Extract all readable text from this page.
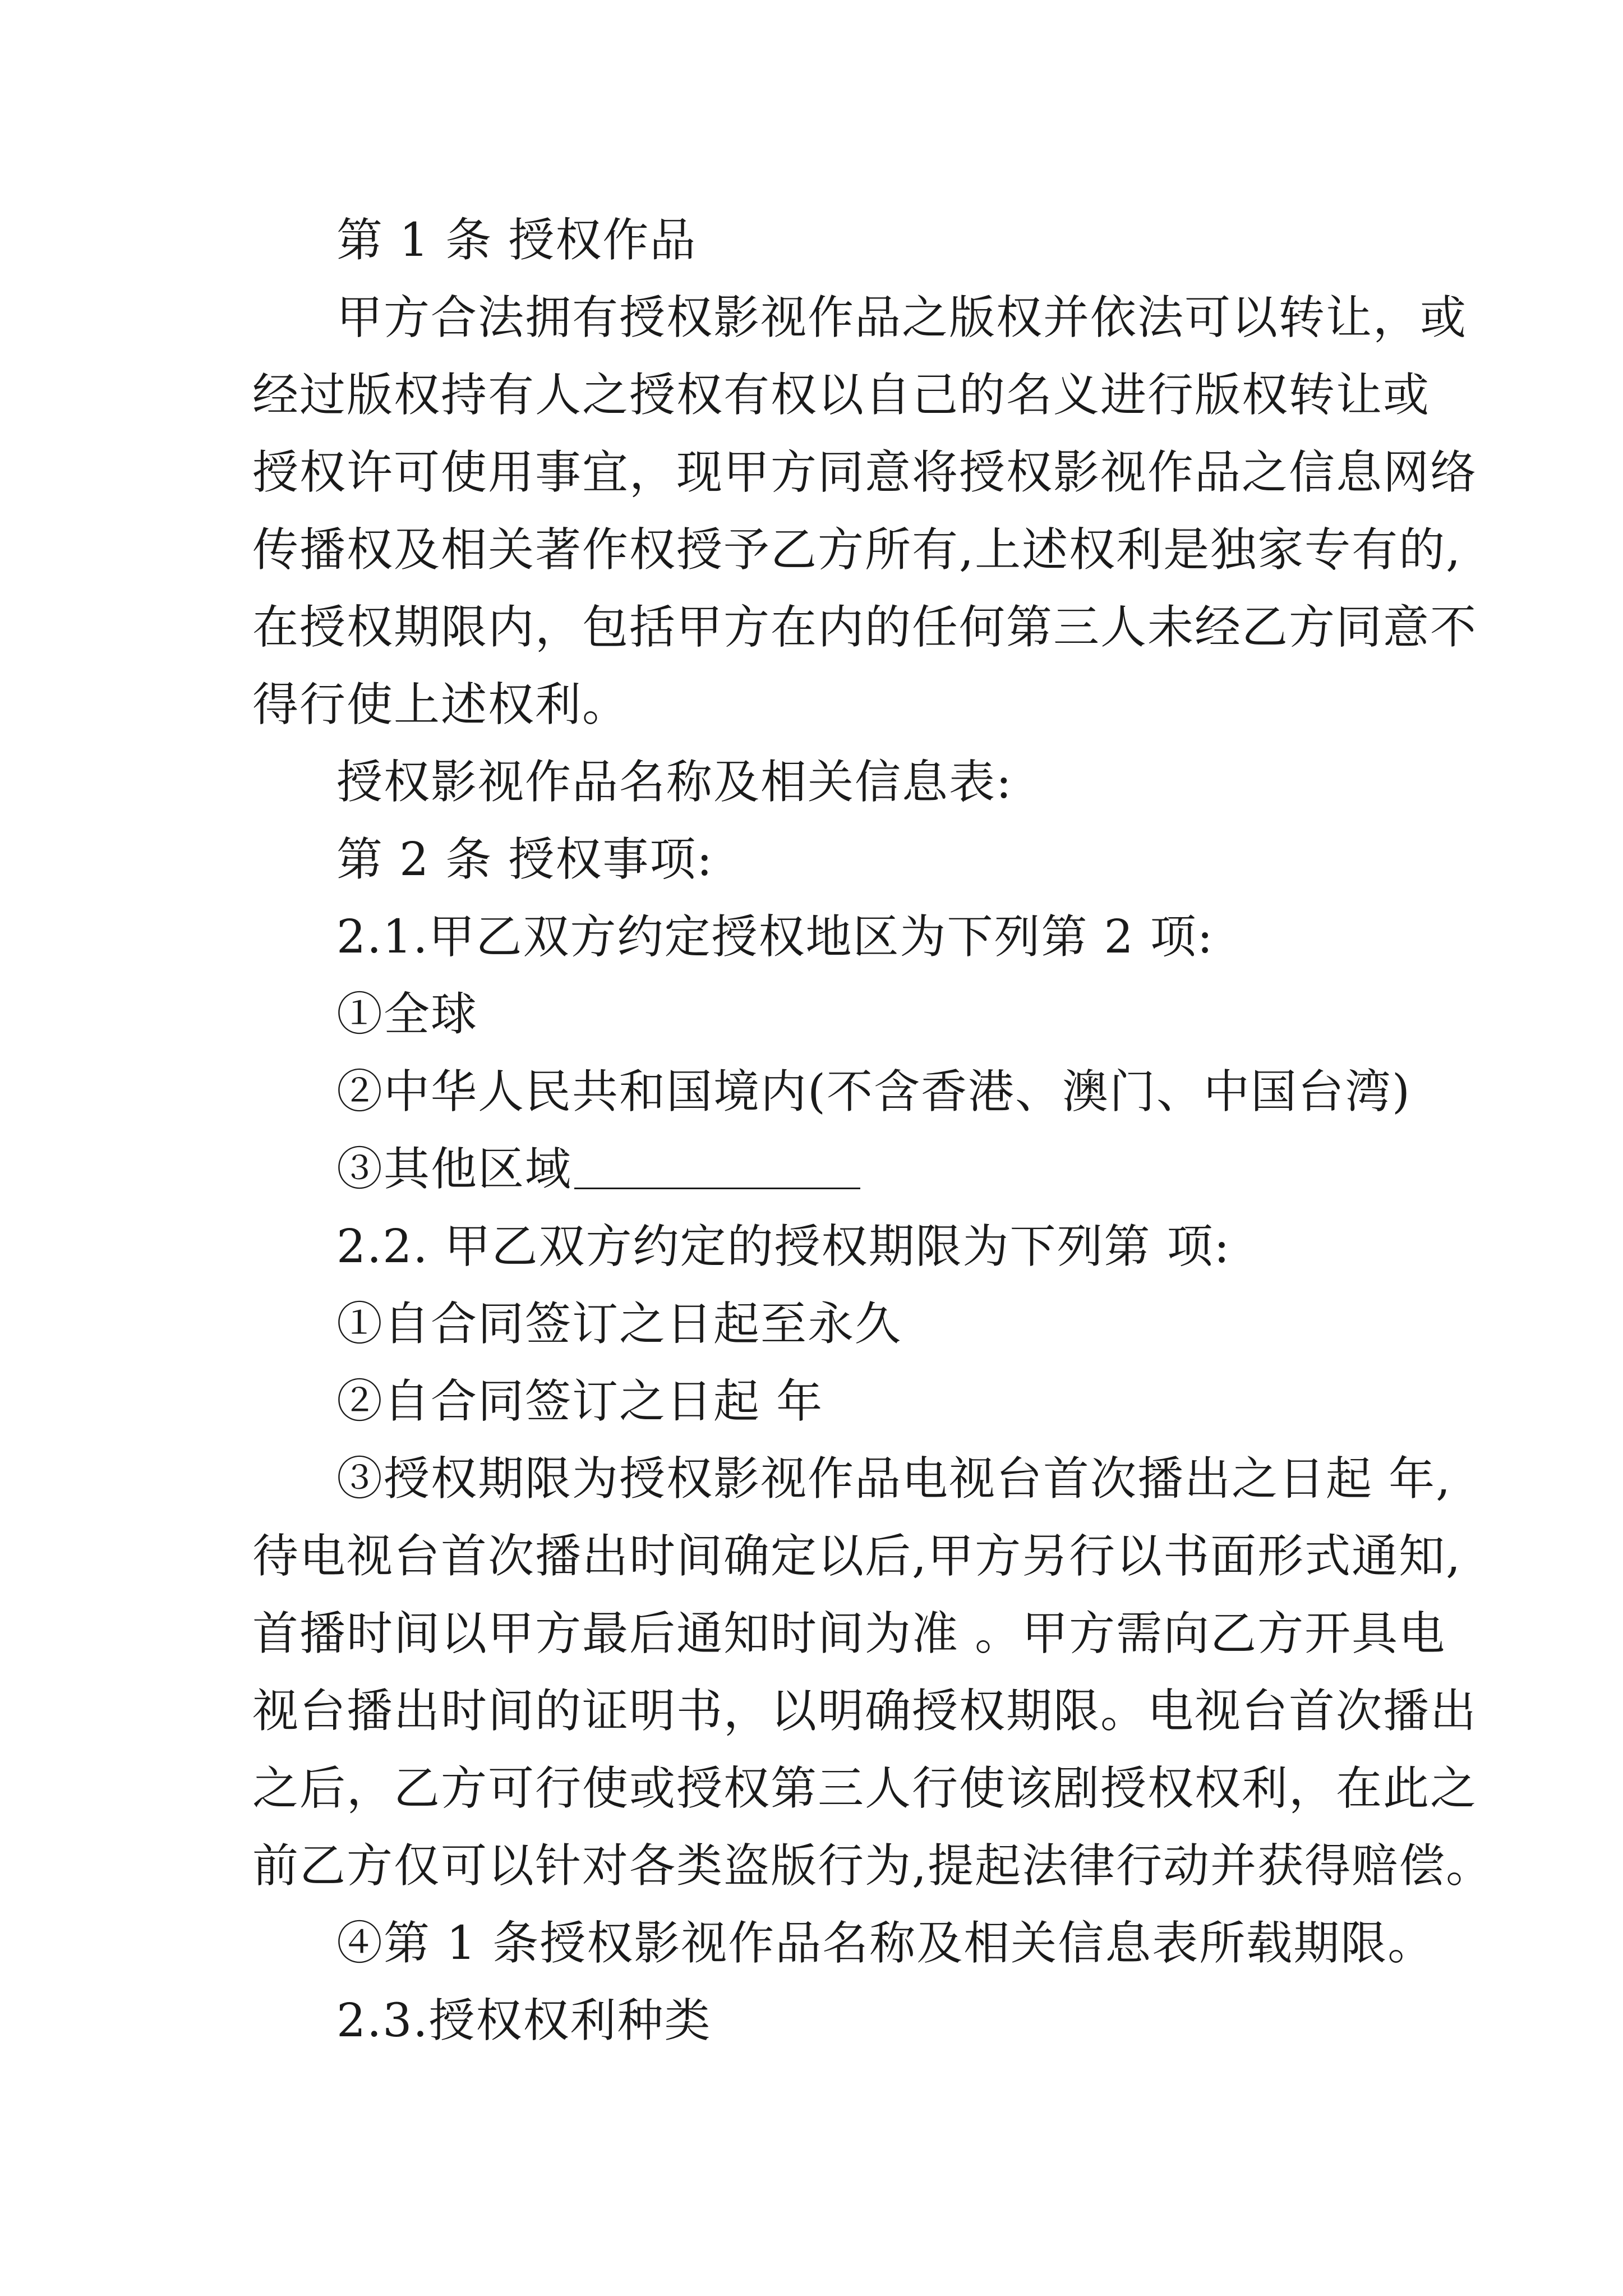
第 1 条 授权作品
甲方合法拥有授权影视作品之版权并依法可以转让，或
经过版权持有人之授权有权以自己的名义进行版权转让或
授权许可使用事宜，现甲方同意将授权影视作品之信息网络
传播权及相关著作权授予乙方所有,上述权利是独家专有的,
在授权期限内，包括甲方在内的任何第三人未经乙方同意不
得行使上述权利。
授权影视作品名称及相关信息表:
第 2 条 授权事项:
2.1.甲乙双方约定授权地区为下列第 2 项:
①全球
②中华人民共和国境内(不含香港、澳门、中国台湾)
③其他区域
2.2. 甲乙双方约定的授权期限为下列第 项:
①自合同签订之日起至永久
②自合同签订之日起 年
③授权期限为授权影视作品电视台首次播出之日起 年,
待电视台首次播出时间确定以后,甲方另行以书面形式通知,
首播时间以甲方最后通知时间为准 。甲方需向乙方开具电
视台播出时间的证明书，以明确授权期限。电视台首次播出
之后，乙方可行使或授权第三人行使该剧授权权利，在此之
前乙方仅可以针对各类盗版行为,提起法律行动并获得赔偿。
④第 1 条授权影视作品名称及相关信息表所载期限。
2.3.授权权利种类
